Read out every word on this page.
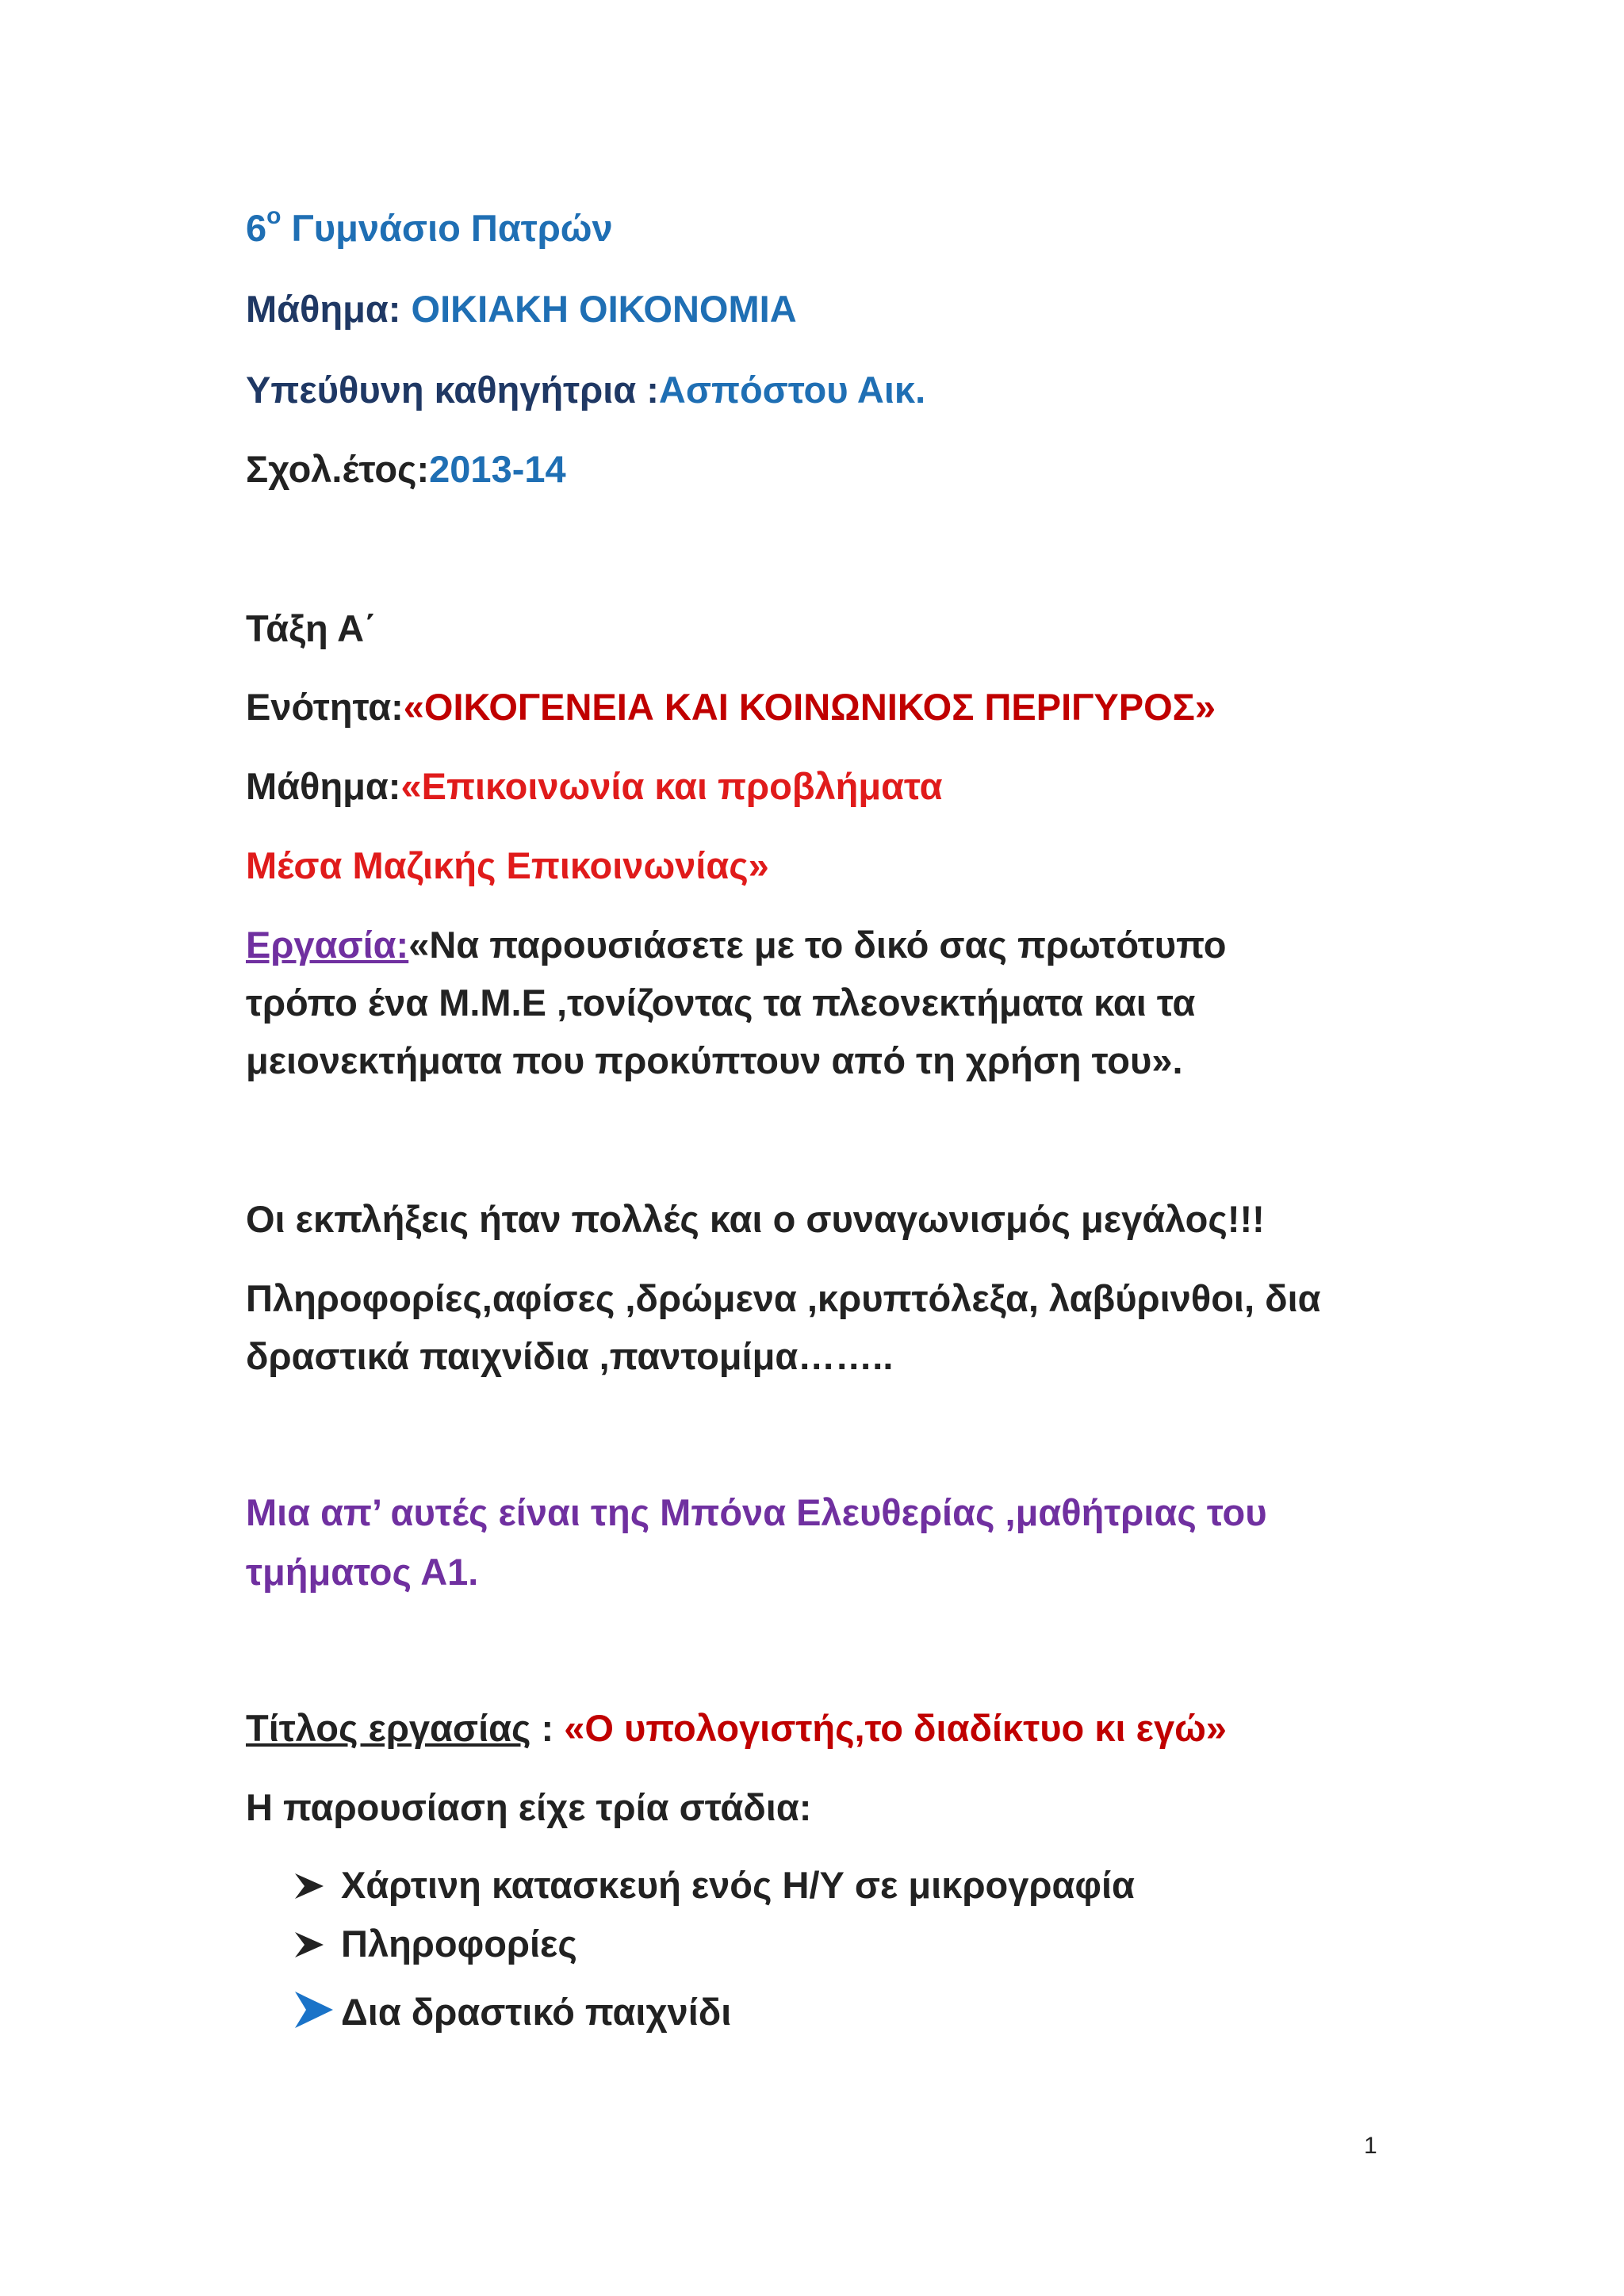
$6^o$ Γυμνάσιο Πατρών
Μάθημα: ΟΙΚΙΑΚΗ ΟΙΚΟΝΟΜΙΑ
Υπεύθυνη καθηγήτρια :Ασπόστου Αικ.
Σχολ.έτος:2013-14
Τάξη Α΄
Ενότητα:«ΟΙΚΟΓΕΝΕΙΑ ΚΑΙ ΚΟΙΝΩΝΙΚΟΣ ΠΕΡΙΓΥΡΟΣ»
Μάθημα:«Επικοινωνία και προβλήματα
Μέσα Μαζικής Επικοινωνίας»
Εργασία:«Να παρουσιάσετε με το δικό σας πρωτότυπο
τρόπο ένα Μ.Μ.Ε ,τονίζοντας τα πλεονεκτήματα και τα
μειονεκτήματα που προκύπτουν από τη χρήση του».
Οι εκπλήξεις ήταν πολλές και ο συναγωνισμός μεγάλος!!!
Πληροφορίες,αφίσες ,δρώμενα ,κρυπτόλεξα, λαβύρινθοι, δια
δραστικά παιχνίδια ,παντομίμα……..
Μια απ’ αυτές είναι της Μπόνα Ελευθερίας ,μαθήτριας του
τμήματος Α1.
Τίτλος εργασίας : «Ο υπολογιστής,το διαδίκτυο κι εγώ»
Η παρουσίαση είχε τρία στάδια:
Χάρτινη κατασκευή ενός Η/Υ σε μικρογραφία
Πληροφορίες
Δια δραστικό παιχνίδι
1
